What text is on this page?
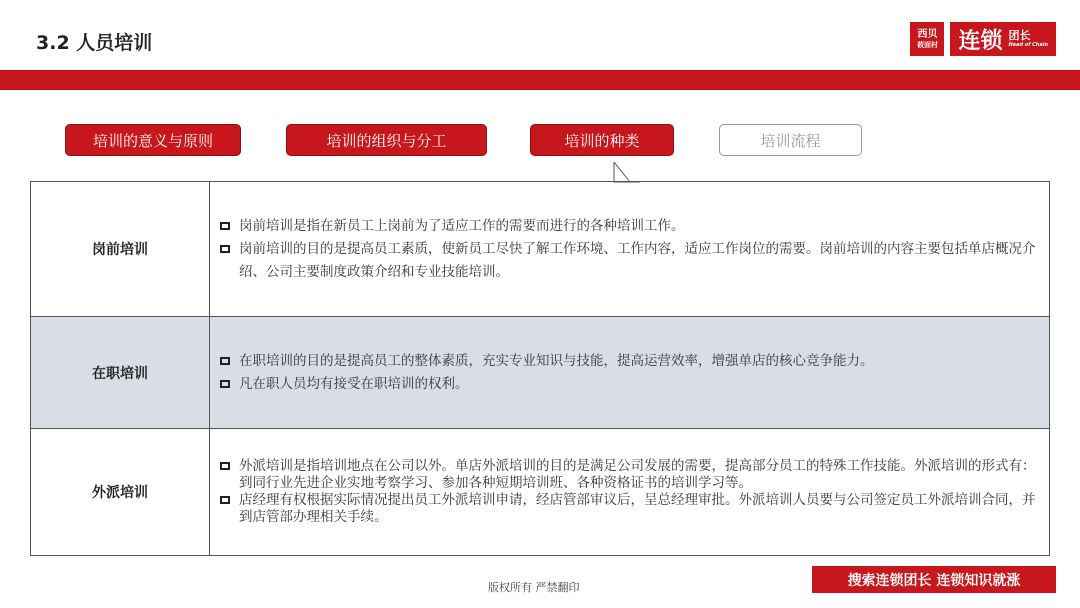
3.2 人员培训	西贝
莜面村 连锁 团长
Head of Chain
培训的意义与原则	培训的组织与分工	培训的种类	培训流程
岗前培训
岗前培训是指在新员工上岗前为了适应工作的需要而进行的各种培训工作。
岗前培训的目的是提高员工素质，使新员工尽快了解工作环境、工作内容，适应工作岗位的需要。岗前培训的内容主要包括单店概况介绍、公司主要制度政策介绍和专业技能培训。
在职培训
在职培训的目的是提高员工的整体素质，充实专业知识与技能，提高运营效率，增强单店的核心竞争能力。
凡在职人员均有接受在职培训的权利。
外派培训
外派培训是指培训地点在公司以外。单店外派培训的目的是满足公司发展的需要，提高部分员工的特殊工作技能。外派培训的形式有：到同行业先进企业实地考察学习、参加各种短期培训班、各种资格证书的培训学习等。
店经理有权根据实际情况提出员工外派培训申请，经店管部审议后，呈总经理审批。外派培训人员要与公司签定员工外派培训合同，并到店管部办理相关手续。
版权所有 严禁翻印	搜索连锁团长 连锁知识就涨
